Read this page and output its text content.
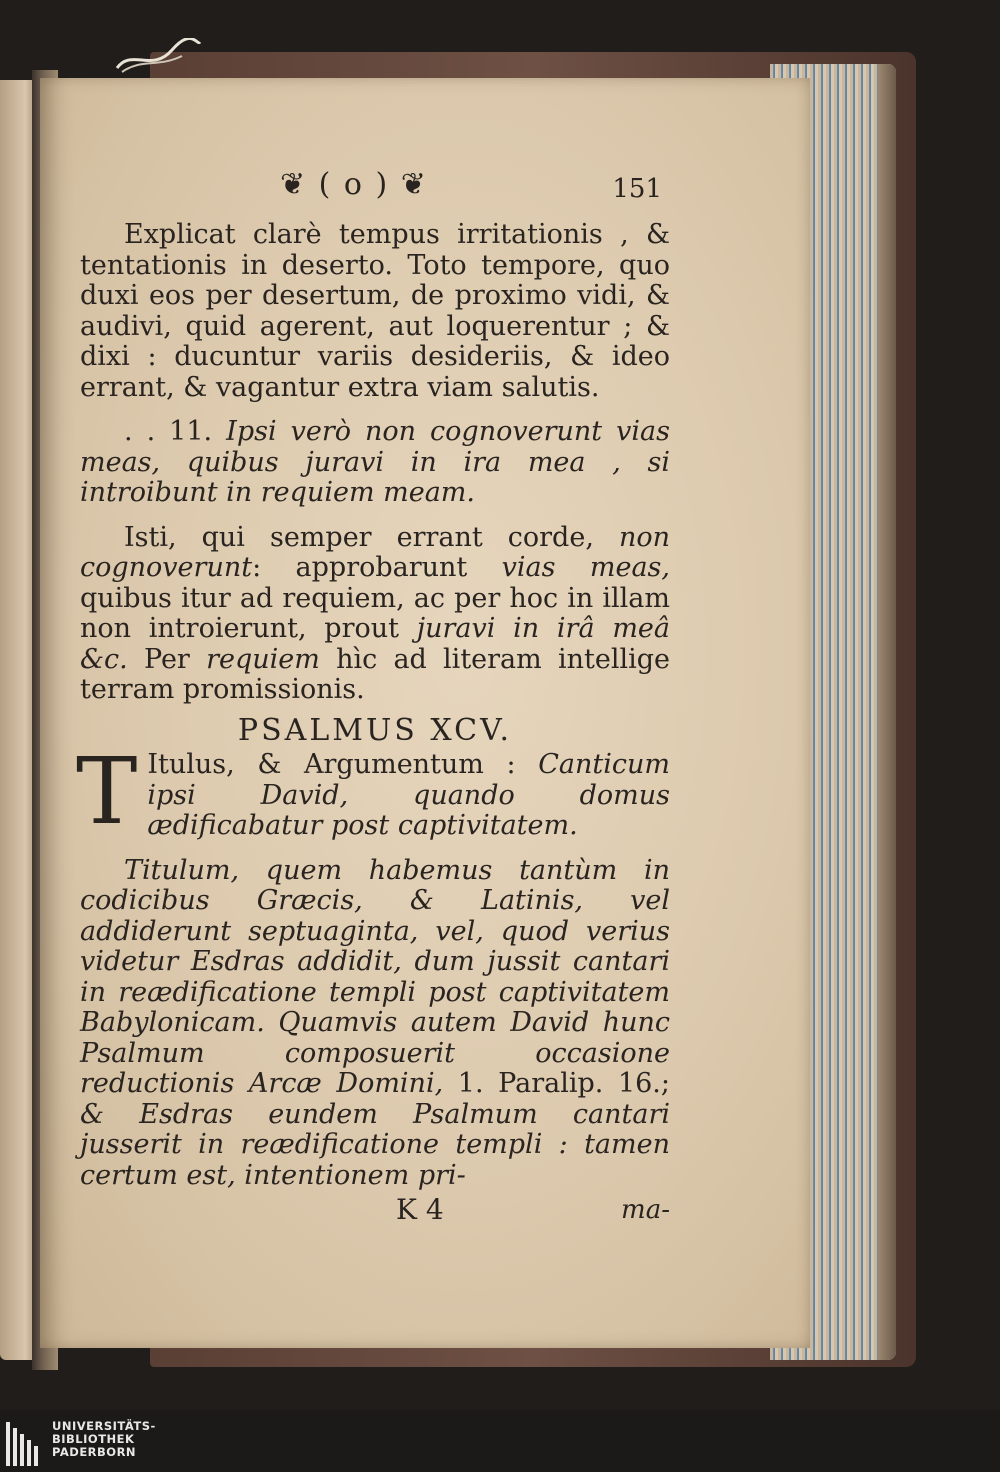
❦ ( o ) ❦	151

Explicat clarè tempus irritationis , & tentationis in deserto. Toto tempore, quo duxi eos per desertum, de proximo vidi, & audivi, quid agerent, aut loquerentur ; & dixi : ducuntur variis desideriis, & ideo errant, & vagantur extra viam salutis.

. . 11. Ipsi verò non cognoverunt vias meas, quibus juravi in ira mea , si introibunt in requiem meam.

Isti, qui semper errant corde, non cognoverunt: approbarunt vias meas, quibus itur ad requiem, ac per hoc in illam non introierunt, prout juravi in irâ meâ &c. Per requiem hìc ad literam intellige terram promissionis.

PSALMUS XCV.

T Itulus, & Argumentum : Canticum ipsi David, quando domus ædificabatur post captivitatem.

Titulum, quem habemus tantùm in codicibus Græcis, & Latinis, vel addiderunt septuaginta, vel, quod verius videtur Esdras addidit, dum jussit cantari in reædificatione templi post captivitatem Babylonicam. Quamvis autem David hunc Psalmum composuerit occasione reductionis Arcæ Domini, 1. Paralip. 16.; & Esdras eundem Psalmum cantari jusserit in reædificatione templi : tamen certum est, intentionem pri-

K 4	ma-
UNIVERSITÄTS-
BIBLIOTHEK
PADERBORN
